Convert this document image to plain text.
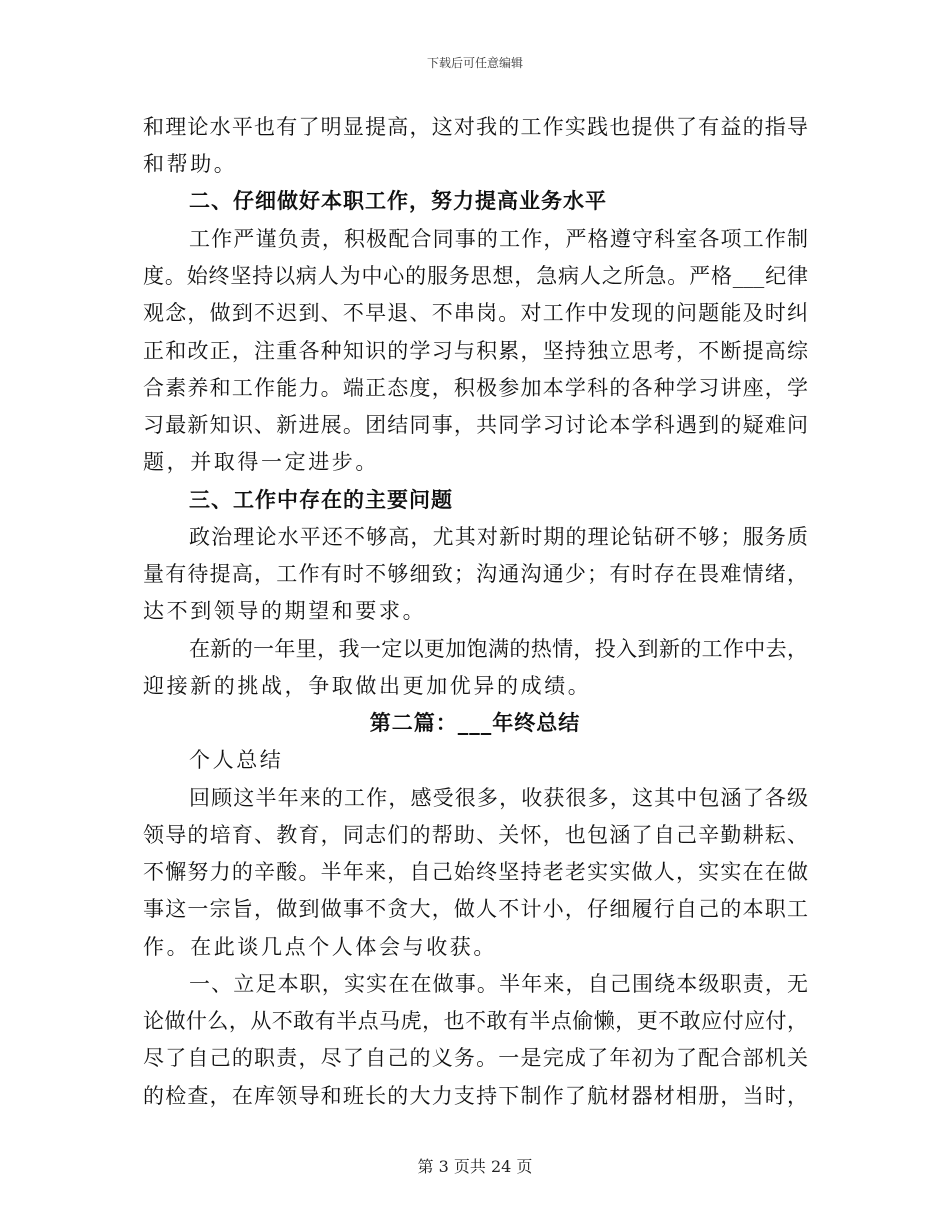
下载后可任意编辑
和理论水平也有了明显提高，这对我的工作实践也提供了有益的指导
和帮助。
二、仔细做好本职工作，努力提高业务水平
工作严谨负责，积极配合同事的工作，严格遵守科室各项工作制
度。始终坚持以病人为中心的服务思想，急病人之所急。严格___纪律
观念，做到不迟到、不早退、不串岗。对工作中发现的问题能及时纠
正和改正，注重各种知识的学习与积累，坚持独立思考，不断提高综
合素养和工作能力。端正态度，积极参加本学科的各种学习讲座，学
习最新知识、新进展。团结同事，共同学习讨论本学科遇到的疑难问
题，并取得一定进步。
三、工作中存在的主要问题
政治理论水平还不够高，尤其对新时期的理论钻研不够；服务质
量有待提高，工作有时不够细致；沟通沟通少；有时存在畏难情绪，
达不到领导的期望和要求。
在新的一年里，我一定以更加饱满的热情，投入到新的工作中去，
迎接新的挑战，争取做出更加优异的成绩。
第二篇：___年终总结
个人总结
回顾这半年来的工作，感受很多，收获很多，这其中包涵了各级
领导的培育、教育，同志们的帮助、关怀，也包涵了自己辛勤耕耘、
不懈努力的辛酸。半年来，自己始终坚持老老实实做人，实实在在做
事这一宗旨，做到做事不贪大，做人不计小，仔细履行自己的本职工
作。在此谈几点个人体会与收获。
一、立足本职，实实在在做事。半年来，自己围绕本级职责，无
论做什么，从不敢有半点马虎，也不敢有半点偷懒，更不敢应付应付，
尽了自己的职责，尽了自己的义务。一是完成了年初为了配合部机关
的检查，在库领导和班长的大力支持下制作了航材器材相册，当时，
第 3 页共 24 页
